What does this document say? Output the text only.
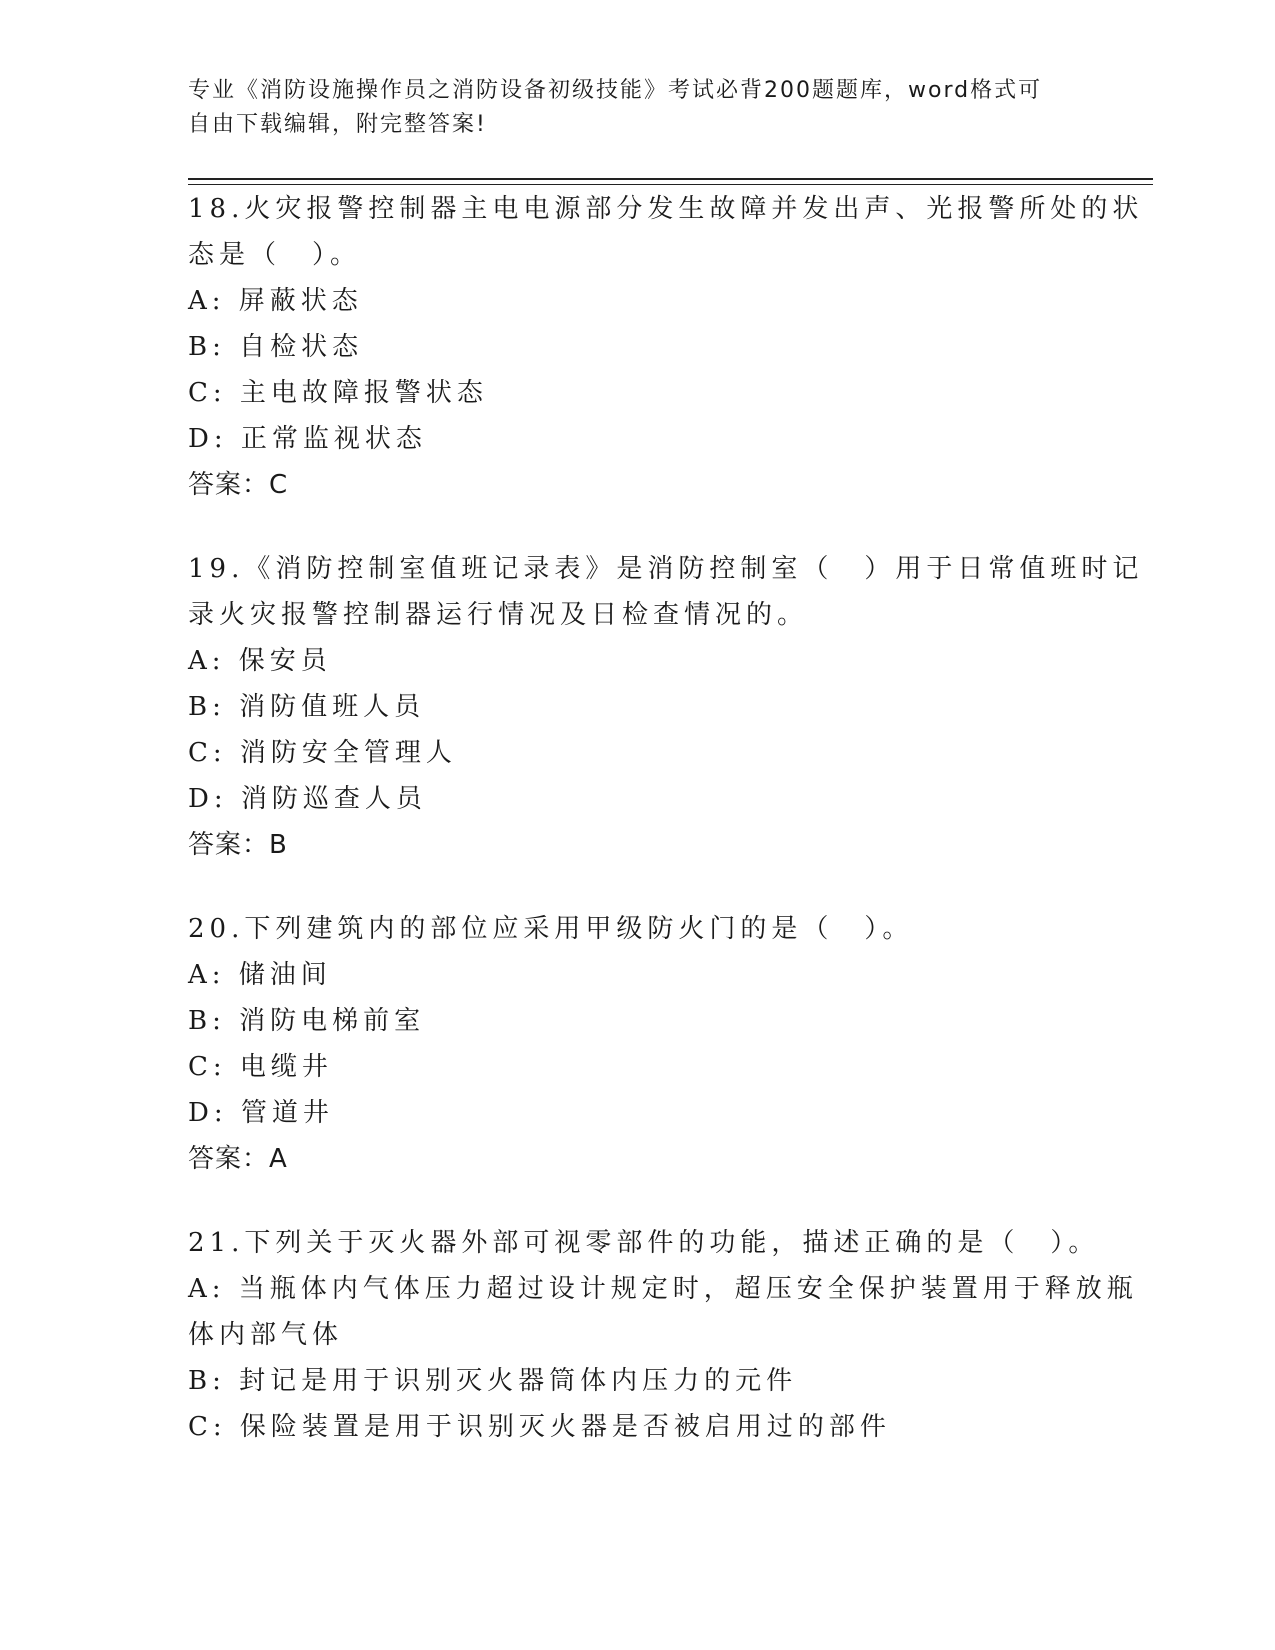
专业《消防设施操作员之消防设备初级技能》考试必背200题题库，word格式可
自由下载编辑，附完整答案!
18.火灾报警控制器主电电源部分发生故障并发出声、光报警所处的状
态是（　）。
A: 屏蔽状态
B: 自检状态
C: 主电故障报警状态
D: 正常监视状态
答案：C
19.《消防控制室值班记录表》是消防控制室（　）用于日常值班时记
录火灾报警控制器运行情况及日检查情况的。
A: 保安员
B: 消防值班人员
C: 消防安全管理人
D: 消防巡查人员
答案：B
20.下列建筑内的部位应采用甲级防火门的是（　）。
A: 储油间
B: 消防电梯前室
C: 电缆井
D: 管道井
答案：A
21.下列关于灭火器外部可视零部件的功能，描述正确的是（　）。
A: 当瓶体内气体压力超过设计规定时，超压安全保护装置用于释放瓶
体内部气体
B: 封记是用于识别灭火器筒体内压力的元件
C: 保险装置是用于识别灭火器是否被启用过的部件
